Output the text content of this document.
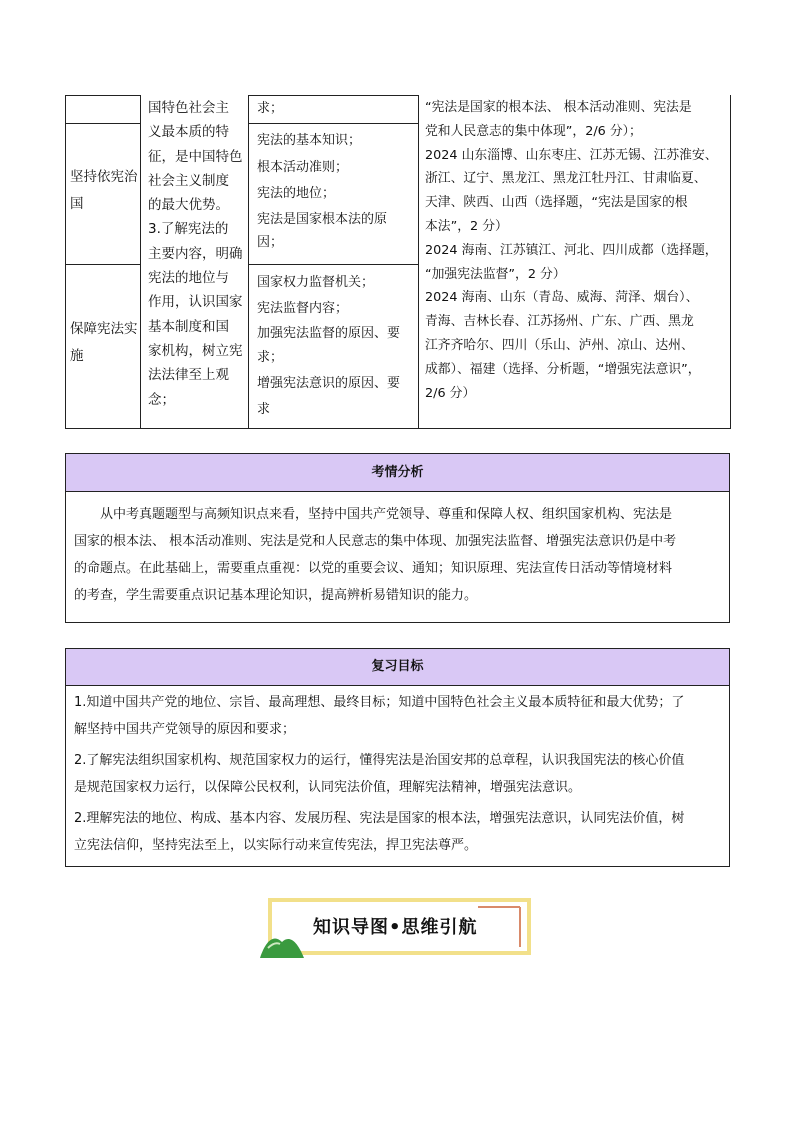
坚持依宪治国
保障宪法实施
国特色社会主
义最本质的特
征，是中国特色
社会主义制度
的最大优势。
3.了解宪法的
主要内容，明确
宪法的地位与
作用，认识国家
基本制度和国
家机构，树立宪
法法律至上观
念；
求；
宪法的基本知识；
根本活动准则；
宪法的地位；
宪法是国家根本法的原
因；
国家权力监督机关；
宪法监督内容；
加强宪法监督的原因、要
求；
增强宪法意识的原因、要
求
“宪法是国家的根本法、 根本活动准则、宪法是
党和人民意志的集中体现”，2/6 分）；
2024 山东淄博、山东枣庄、江苏无锡、江苏淮安、
浙江、辽宁、黑龙江、黑龙江牡丹江、甘肃临夏、
天津、陕西、山西（选择题，“宪法是国家的根
本法”，2 分）
2024 海南、江苏镇江、河北、四川成都（选择题，
“加强宪法监督”，2 分）
2024 海南、山东（青岛、威海、菏泽、烟台）、
青海、吉林长春、江苏扬州、广东、广西、黑龙
江齐齐哈尔、四川（乐山、泸州、凉山、达州、
成都）、福建（选择、分析题，“增强宪法意识”，
2/6 分）
考情分析

从中考真题题型与高频知识点来看，坚持中国共产党领导、尊重和保障人权、组织国家机构、宪法是

国家的根本法、 根本活动准则、宪法是党和人民意志的集中体现、加强宪法监督、增强宪法意识仍是中考

的命题点。在此基础上，需要重点重视：以党的重要会议、通知；知识原理、宪法宣传日活动等情境材料

的考查，学生需要重点识记基本理论知识，提高辨析易错知识的能力。

复习目标

1.知道中国共产党的地位、宗旨、最高理想、最终目标；知道中国特色社会主义最本质特征和最大优势；了

解坚持中国共产党领导的原因和要求；

2.了解宪法组织国家机构、规范国家权力的运行，懂得宪法是治国安邦的总章程，认识我国宪法的核心价值

是规范国家权力运行，以保障公民权利，认同宪法价值，理解宪法精神，增强宪法意识。

2.理解宪法的地位、构成、基本内容、发展历程、宪法是国家的根本法，增强宪法意识，认同宪法价值，树

立宪法信仰，坚持宪法至上，以实际行动来宣传宪法，捍卫宪法尊严。

知识导图•思维引航
